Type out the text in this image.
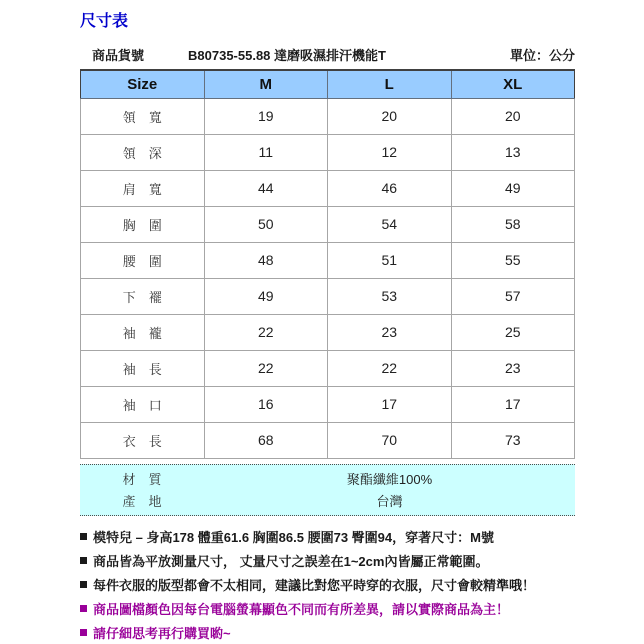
尺寸表
商品貨號	B80735-55.88 達磨吸濕排汗機能T	單位：公分
Size	M	L	XL
領　寬	19	20	20
領　深	11	12	13
肩　寬	44	46	49
胸　圍	50	54	58
腰　圍	48	51	55
下　襬	49	53	57
袖　襱	22	23	25
袖　長	22	22	23
袖　口	16	17	17
衣　長	68	70	73
材　質	聚酯纖維100%
產　地	台灣
模特兒 – 身高178 體重61.6 胸圍86.5 腰圍73 臀圍94，穿著尺寸：M號
商品皆為平放測量尺寸， 丈量尺寸之誤差在1~2cm內皆屬正常範圍。
每件衣服的版型都會不太相同，建議比對您平時穿的衣服，尺寸會較精準哦！
商品圖檔顏色因每台電腦螢幕顯色不同而有所差異，請以實際商品為主！
請仔細思考再行購買喲~
